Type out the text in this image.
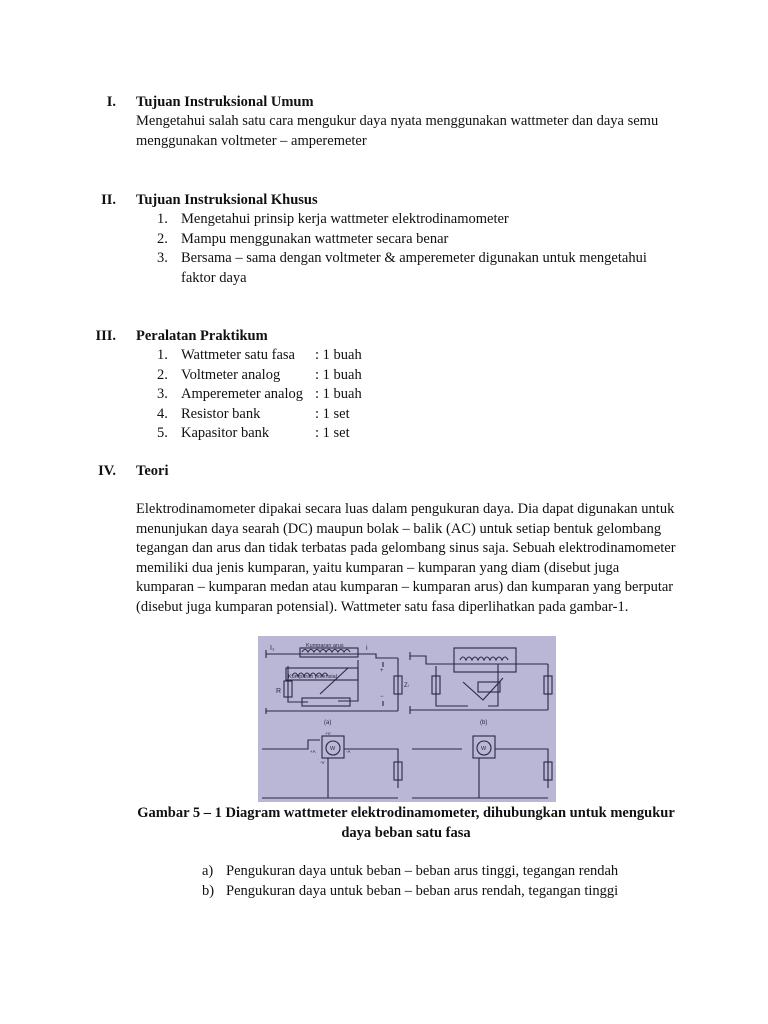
I. Tujuan Instruksional Umum
Mengetahui salah satu cara mengukur daya nyata menggunakan wattmeter dan daya semu menggunakan voltmeter – amperemeter
II. Tujuan Instruksional Khusus
1. Mengetahui prinsip kerja wattmeter elektrodinamometer
2. Mampu menggunakan wattmeter secara benar
3. Bersama – sama dengan voltmeter & amperemeter digunakan untuk mengetahui faktor daya
III. Peralatan Praktikum
1. Wattmeter satu fasa : 1 buah
2. Voltmeter analog : 1 buah
3. Amperemeter analog : 1 buah
4. Resistor bank	: 1 set
5. Kapasitor bank	: 1 set
IV. Teori
Elektrodinamometer dipakai secara luas dalam pengukuran daya. Dia dapat digunakan untuk menunjukan daya searah (DC) maupun bolak – balik (AC) untuk setiap bentuk gelombang tegangan dan arus dan tidak terbatas pada gelombang sinus saja. Sebuah elektrodinamometer memiliki dua jenis kumparan, yaitu kumparan – kumparan yang diam (disebut juga kumparan – kumparan medan atau kumparan – kumparan arus) dan kumparan yang berputar (disebut juga kumparan potensial). Wattmeter satu fasa diperlihatkan pada gambar-1.
I₁	i
Kumparan arus
Kumparan potensial
R
Zₗ
+
−
(a)	(b)
W	W
+V
+A	-A
-V
Gambar 5 – 1 Diagram wattmeter elektrodinamometer, dihubungkan untuk mengukur daya beban satu fasa
a) Pengukuran daya untuk beban – beban arus tinggi, tegangan rendah
b) Pengukuran daya untuk beban – beban arus rendah, tegangan tinggi
